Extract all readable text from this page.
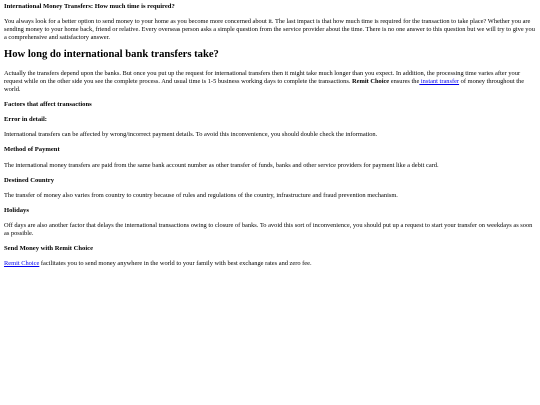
International Money Transfers: How much time is required?

You always look for a better option to send money to your home as you become more concerned about it. The last impact is that how much time is required for the transaction to take place? Whether you are sending money to your home back, friend or relative. Every overseas person asks a simple question from the service provider about the time. There is no one answer to this question but we will try to give you a comprehensive and satisfactory answer.

How long do international bank transfers take?

Actually the transfers depend upon the banks. But once you put up the request for international transfers then it might take much longer than you expect. In addition, the processing time varies after your request while on the other side you see the complete process. And usual time is 1-5 business working days to complete the transactions. Remit Choice ensures the instant transfer of money throughout the world.

Factors that affect transactions
Error in detail:

International transfers can be affected by wrong/incorrect payment details. To avoid this inconvenience, you should double check the information.

Method of Payment

The international money transfers are paid from the same bank account number as other transfer of funds, banks and other service providers for payment like a debit card.

Destined Country

The transfer of money also varies from country to country because of rules and regulations of the country, infrastructure and fraud prevention mechanism.

Holidays

Off days are also another factor that delays the international transactions owing to closure of banks. To avoid this sort of inconvenience, you should put up a request to start your transfer on weekdays as soon as possible.

Send Money with Remit Choice

Remit Choice facilitates you to send money anywhere in the world to your family with best exchange rates and zero fee.
